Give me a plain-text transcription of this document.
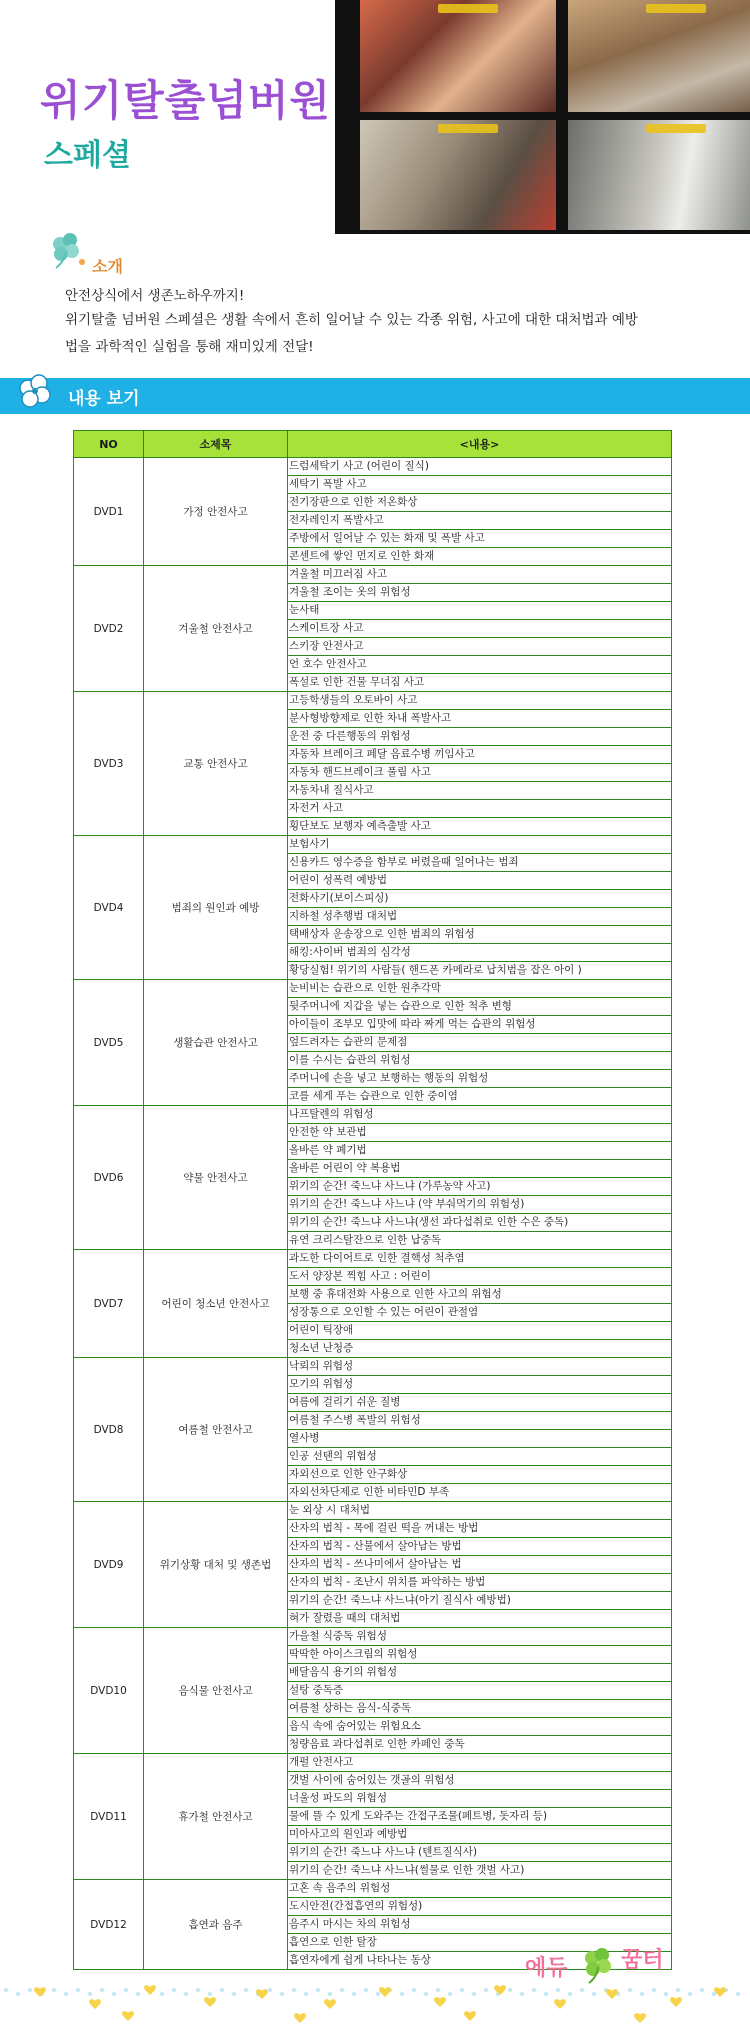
위기탈출넘버원
스페셜
소개
안전상식에서 생존노하우까지!
위기탈출 넘버원 스페셜은 생활 속에서 흔히 일어날 수 있는 각종 위험, 사고에 대한 대처법과 예방
법을 과학적인 실험을 통해 재미있게 전달!
내용 보기
NO	소제목	<내용>
DVD1	가정 안전사고	드럼세탁기 사고 (어린이 질식)
		세탁기 폭발 사고
		전기장판으로 인한 저온화상
		전자레인지 폭발사고
		주방에서 일어날 수 있는 화재 및 폭발 사고
		콘센트에 쌓인 먼지로 인한 화재
DVD2	겨울철 안전사고	겨울철 미끄러짐 사고
		겨울철 조이는 옷의 위험성
		눈사태
		스케이트장 사고
		스키장 안전사고
		언 호수 안전사고
		폭설로 인한 건물 무너짐 사고
DVD3	교통 안전사고	고등학생들의 오토바이 사고
		분사형방향제로 인한 차내 폭발사고
		운전 중 다른행동의 위험성
		자동차 브레이크 페달 음료수병 끼임사고
		자동차 핸드브레이크 풀림 사고
		자동차내 질식사고
		자전거 사고
		횡단보도 보행자 예측출발 사고
DVD4	범죄의 원인과 예방	보험사기
		신용카드 영수증을 함부로 버렸을때 일어나는 범죄
		어린이 성폭력 예방법
		전화사기(보이스피싱)
		지하철 성추행범 대처법
		택배상자 운송장으로 인한 범죄의 위험성
		해킹:사이버 범죄의 심각성
		황당실험! 위기의 사람들( 핸드폰 카메라로 납치범을 잡은 아이 )
DVD5	생활습관 안전사고	눈비비는 습관으로 인한 원추각막
		뒷주머니에 지갑을 넣는 습관으로 인한 척추 변형
		아이들이 조부모 입맛에 따라 짜게 먹는 습관의 위험성
		엎드려자는 습관의 문제점
		이를 수시는 습관의 위험성
		주머니에 손을 넣고 보행하는 행동의 위험성
		코를 세게 푸는 습관으로 인한 중이염
DVD6	약물 안전사고	나프탈렌의 위험성
		안전한 약 보관법
		올바른 약 폐기법
		올바른 어린이 약 복용법
		위기의 순간! 죽느냐 사느냐 (가루농약 사고)
		위기의 순간! 죽느냐 사느냐 (약 부숴먹기의 위험성)
		위기의 순간! 죽느냐 사느냐(생선 과다섭취로 인한 수은 중독)
		유연 크리스탈잔으로 인한 납중독
DVD7	어린이 청소년 안전사고	과도한 다이어트로 인한 결핵성 척추염
		도서 양장본 찍힘 사고 : 어린이
		보행 중 휴대전화 사용으로 인한 사고의 위험성
		성장통으로 오인할 수 있는 어린이 관절염
		어린이 틱장애
		청소년 난청증
DVD8	여름철 안전사고	낙뢰의 위험성
		모기의 위험성
		여름에 걸리기 쉬운 질병
		여름철 주스병 폭발의 위험성
		열사병
		인공 선탠의 위험성
		자외선으로 인한 안구화상
		자외선차단제로 인한 비타민D 부족
DVD9	위기상황 대처 및 생존법	눈 외상 시 대처법
		산자의 법칙 - 목에 걸린 떡을 꺼내는 방법
		산자의 법칙 - 산불에서 살아남는 방법
		산자의 법칙 - 쓰나미에서 살아남는 법
		산자의 법칙 - 조난시 위치를 파악하는 방법
		위기의 순간! 죽느냐 사느냐(아기 질식사 예방법)
		혀가 잘렸을 때의 대처법
DVD10	음식물 안전사고	가을철 식중독 위험성
		딱딱한 아이스크림의 위험성
		배달음식 용기의 위험성
		설탕 중독증
		여름철 상하는 음식-식중독
		음식 속에 숨어있는 위험요소
		청량음료 과다섭취로 인한 카페인 중독
DVD11	휴가철 안전사고	개펄 안전사고
		갯벌 사이에 숨어있는 갯골의 위험성
		너울성 파도의 위험성
		물에 뜰 수 있게 도와주는 간접구조물(페트병, 돗자리 등)
		미아사고의 원인과 예방법
		위기의 순간! 죽느냐 사느냐 (텐트질식사)
		위기의 순간! 죽느냐 사느냐(썰물로 인한 갯벌 사고)
DVD12	흡연과 음주	고혼 속 음주의 위험성
		도시안전(간접흡연의 위험성)
		음주시 마시는 차의 위험성
		흡연으로 인한 탈장
		흡연자에게 쉽게 나타나는 동상	에듀 꿈터
